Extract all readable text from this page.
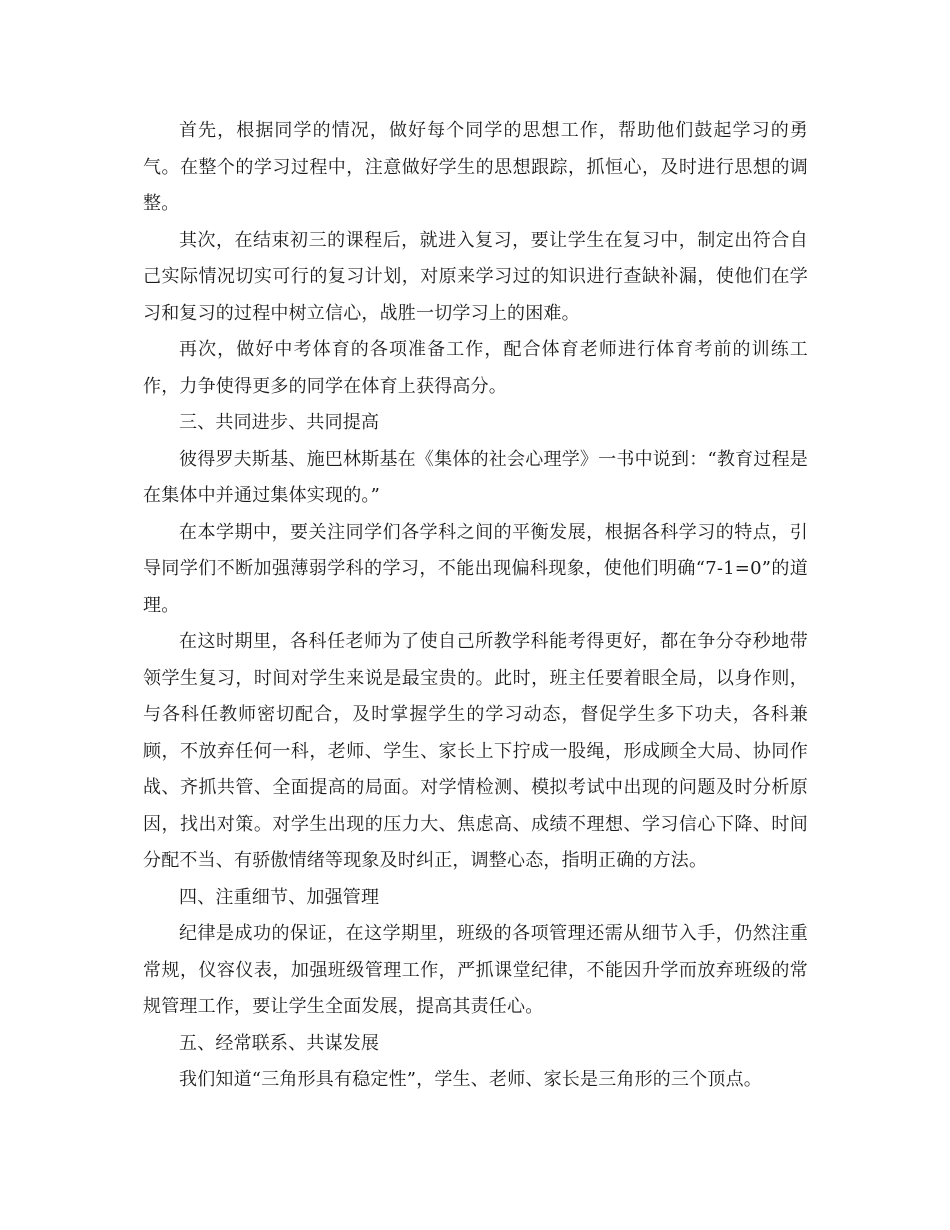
首先，根据同学的情况，做好每个同学的思想工作，帮助他们鼓起学习的勇气。在整个的学习过程中，注意做好学生的思想跟踪，抓恒心，及时进行思想的调整。

其次，在结束初三的课程后，就进入复习，要让学生在复习中，制定出符合自己实际情况切实可行的复习计划，对原来学习过的知识进行查缺补漏，使他们在学习和复习的过程中树立信心，战胜一切学习上的困难。

再次，做好中考体育的各项准备工作，配合体育老师进行体育考前的训练工作，力争使得更多的同学在体育上获得高分。

三、共同进步、共同提高

彼得罗夫斯基、施巴林斯基在《集体的社会心理学》一书中说到：“教育过程是在集体中并通过集体实现的。”

在本学期中，要关注同学们各学科之间的平衡发展，根据各科学习的特点，引导同学们不断加强薄弱学科的学习，不能出现偏科现象，使他们明确“7-1=0”的道理。

在这时期里，各科任老师为了使自己所教学科能考得更好，都在争分夺秒地带领学生复习，时间对学生来说是最宝贵的。此时，班主任要着眼全局，以身作则，与各科任教师密切配合，及时掌握学生的学习动态，督促学生多下功夫，各科兼顾，不放弃任何一科，老师、学生、家长上下拧成一股绳，形成顾全大局、协同作战、齐抓共管、全面提高的局面。对学情检测、模拟考试中出现的问题及时分析原因，找出对策。对学生出现的压力大、焦虑高、成绩不理想、学习信心下降、时间分配不当、有骄傲情绪等现象及时纠正，调整心态，指明正确的方法。

四、注重细节、加强管理

纪律是成功的保证，在这学期里，班级的各项管理还需从细节入手，仍然注重常规，仪容仪表，加强班级管理工作，严抓课堂纪律，不能因升学而放弃班级的常规管理工作，要让学生全面发展，提高其责任心。

五、经常联系、共谋发展

我们知道“三角形具有稳定性”，学生、老师、家长是三角形的三个顶点。
